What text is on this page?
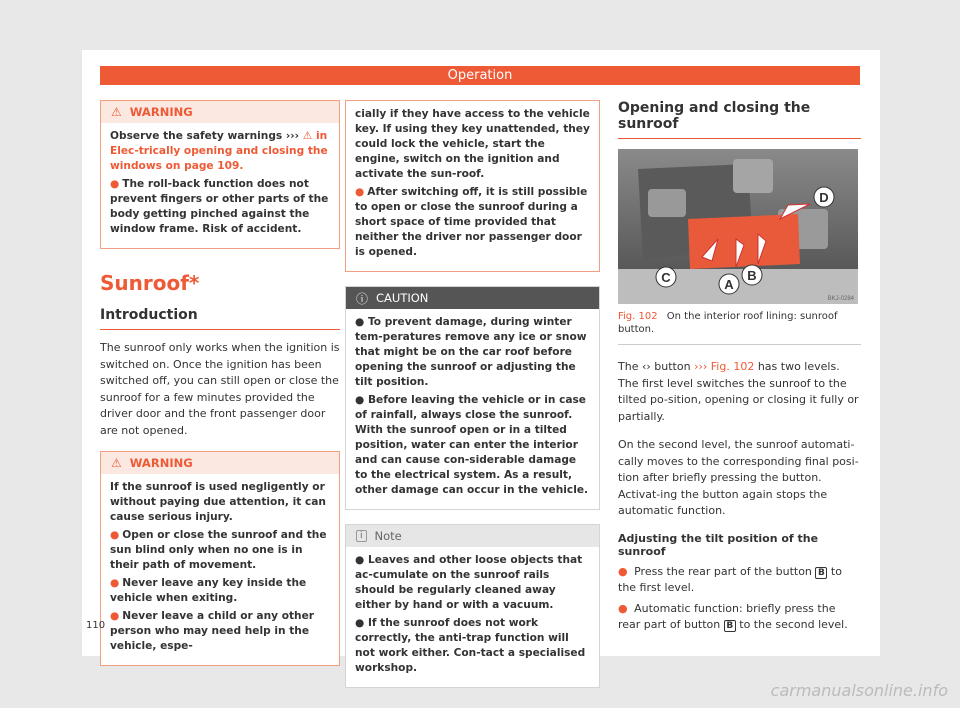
Operation
⚠ WARNING

Observe the safety warnings ››› ⚠ in Elec-trically opening and closing the windows on page 109.

● The roll-back function does not prevent fingers or other parts of the body getting pinched against the window frame. Risk of accident.

Sunroof*
Introduction
The sunroof only works when the ignition is switched on. Once the ignition has been switched off, you can still open or close the sunroof for a few minutes provided the driver door and the front passenger door are not opened.
⚠ WARNING

If the sunroof is used negligently or without paying due attention, it can cause serious injury.

● Open or close the sunroof and the sun blind only when no one is in their path of movement.

● Never leave any key inside the vehicle when exiting.

● Never leave a child or any other person who may need help in the vehicle, espe-

cially if they have access to the vehicle key. If using they key unattended, they could lock the vehicle, start the engine, switch on the ignition and activate the sun-roof.

● After switching off, it is still possible to open or close the sunroof during a short space of time provided that neither the driver nor passenger door is opened.

ⓘ CAUTION

● To prevent damage, during winter tem-peratures remove any ice or snow that might be on the car roof before opening the sunroof or adjusting the tilt position.

● Before leaving the vehicle or in case of rainfall, always close the sunroof. With the sunroof open or in a tilted position, water can enter the interior and can cause con-siderable damage to the electrical system. As a result, other damage can occur in the vehicle.

i	Note

● Leaves and other loose objects that ac-cumulate on the sunroof rails should be regularly cleaned away either by hand or with a vacuum.

● If the sunroof does not work correctly, the anti-trap function will not work either. Con-tact a specialised workshop.

Opening and closing the sunroof
C	A
B
D
BKJ-0284
Fig. 102 On the interior roof lining: sunroof button.
The ‹› button ››› Fig. 102 has two levels. The first level switches the sunroof to the tilted po-sition, opening or closing it fully or partially.
On the second level, the sunroof automati-cally moves to the corresponding final posi-tion after briefly pressing the button. Activat-ing the button again stops the automatic function.
Adjusting the tilt position of the sunroof
● Press the rear part of the button B to the first level.
● Automatic function: briefly press the rear part of button B to the second level.
110
carmanualsonline.info
